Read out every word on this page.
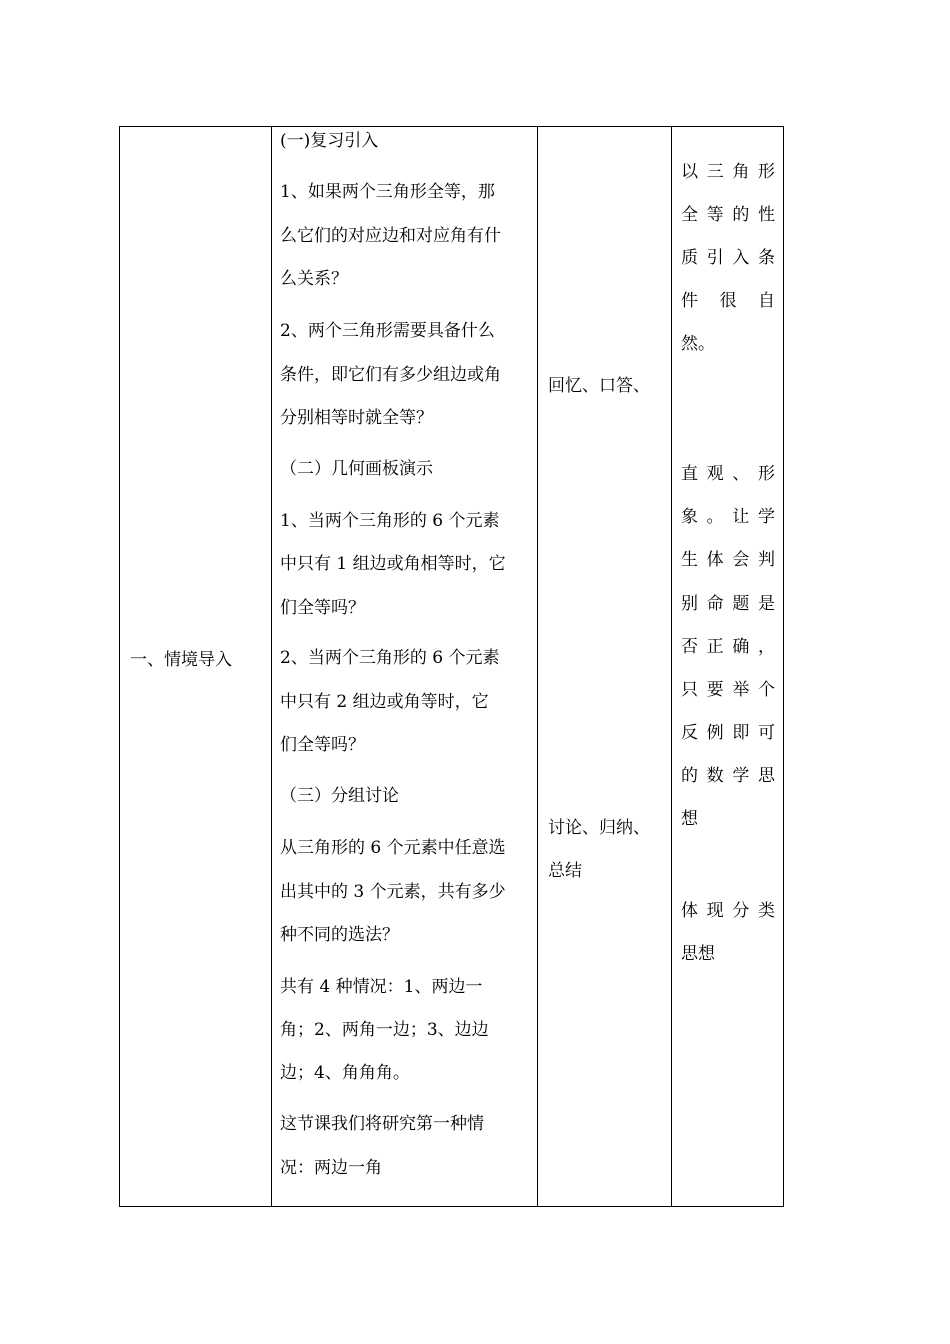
一、情境导入
(一)复习引入
1、如果两个三角形全等，那
么它们的对应边和对应角有什
么关系？
2、两个三角形需要具备什么
条件，即它们有多少组边或角
分别相等时就全等？
（二）几何画板演示
1、当两个三角形的 6 个元素
中只有 1 组边或角相等时，它
们全等吗？
2、当两个三角形的 6 个元素
中只有 2 组边或角等时，它
们全等吗？
（三）分组讨论
从三角形的 6 个元素中任意选
出其中的 3 个元素，共有多少
种不同的选法？
共有 4 种情况：1、两边一
角；2、两角一边；3、边边
边；4、角角角。
这节课我们将研究第一种情
况：两边一角
回忆、口答、
讨论、归纳、
总结
以 三 角 形
全 等 的 性
质 引 入 条
件 很 自
然。
直 观 、 形
象 。 让 学
生 体 会 判
别 命 题 是
否 正 确 ，
只 要 举 个
反 例 即 可
的 数 学 思
想
体 现 分 类
思想
